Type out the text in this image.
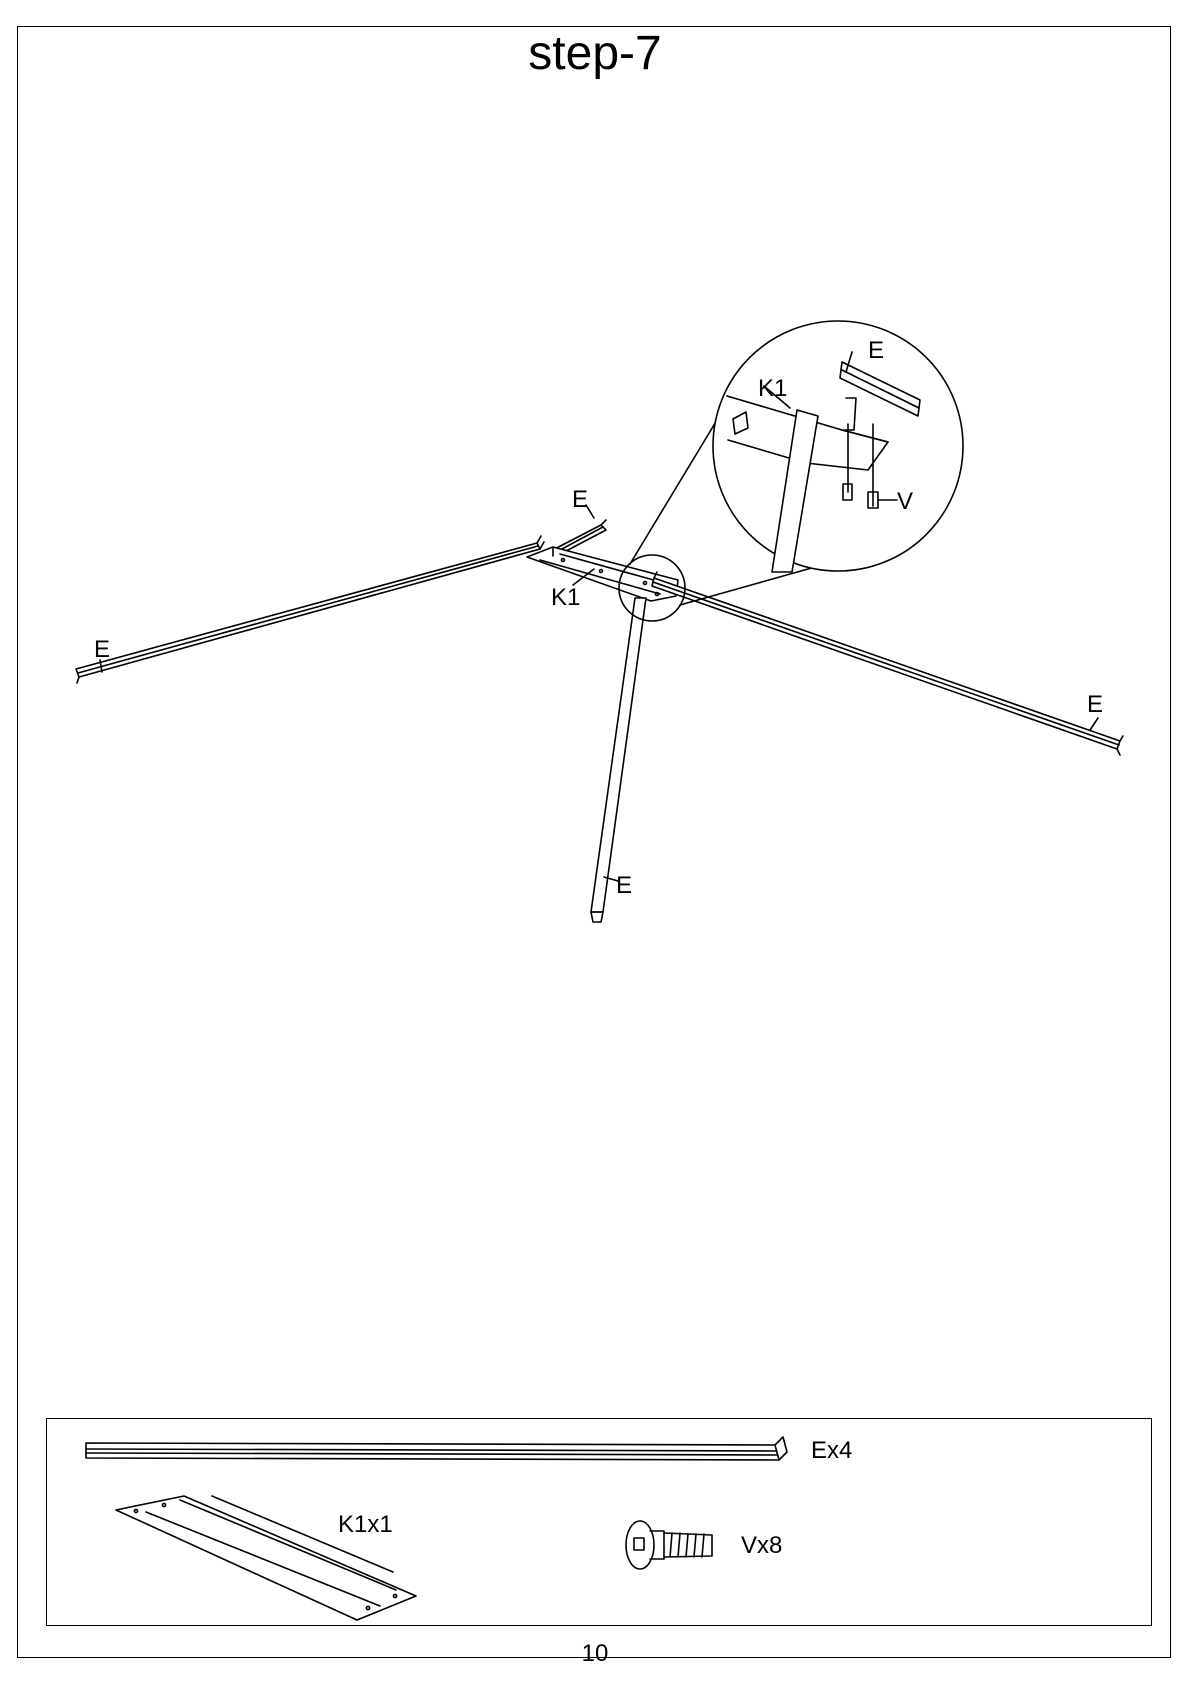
step-7
E
E
K1
E
E
E
K1
V
Ex4
K1x1
Vx8
10
